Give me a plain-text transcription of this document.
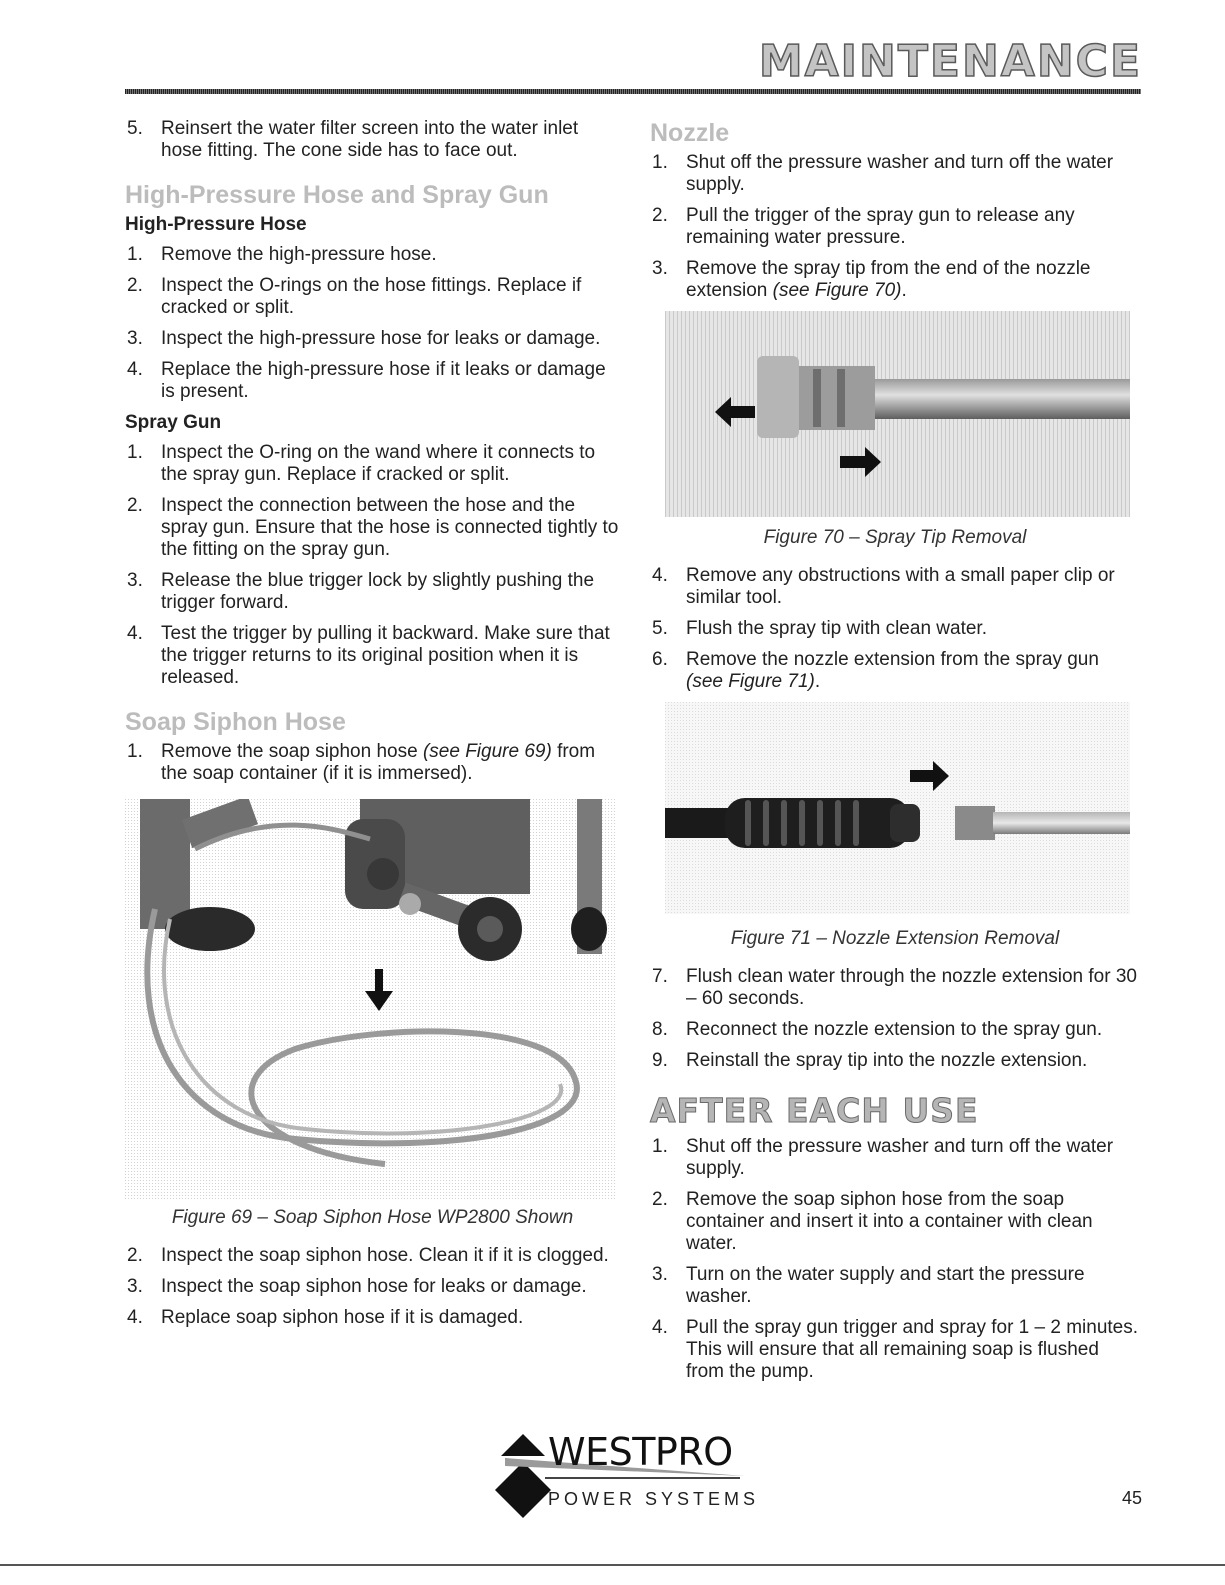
MAINTENANCE
5. Reinsert the water filter screen into the water inlet hose fitting. The cone side has to face out.
High-Pressure Hose and Spray Gun
High-Pressure Hose
1. Remove the high-pressure hose.
2. Inspect the O-rings on the hose fittings. Replace if cracked or split.
3. Inspect the high-pressure hose for leaks or damage.
4. Replace the high-pressure hose if it leaks or damage is present.
Spray Gun
1. Inspect the O-ring on the wand where it connects to the spray gun. Replace if cracked or split.
2. Inspect the connection between the hose and the spray gun. Ensure that the hose is connected tightly to the fitting on the spray gun.
3. Release the blue trigger lock by slightly pushing the trigger forward.
4. Test the trigger by pulling it backward. Make sure that the trigger returns to its original position when it is released.
Soap Siphon Hose
1. Remove the soap siphon hose (see Figure 69) from the soap container (if it is immersed).

Figure 69 – Soap Siphon Hose WP2800 Shown

2. Inspect the soap siphon hose. Clean it if it is clogged.
3. Inspect the soap siphon hose for leaks or damage.
4. Replace soap siphon hose if it is damaged.
Nozzle
1. Shut off the pressure washer and turn off the water supply.
2. Pull the trigger of the spray gun to release any remaining water pressure.
3. Remove the spray tip from the end of the nozzle extension (see Figure 70).

Figure 70 – Spray Tip Removal

4. Remove any obstructions with a small paper clip or similar tool.
5. Flush the spray tip with clean water.
6. Remove the nozzle extension from the spray gun (see Figure 71).

Figure 71 – Nozzle Extension Removal

7. Flush clean water through the nozzle extension for 30 – 60 seconds.
8. Reconnect the nozzle extension to the spray gun.
9. Reinstall the spray tip into the nozzle extension.
AFTER EACH USE
1. Shut off the pressure washer and turn off the water supply.
2. Remove the soap siphon hose from the soap container and insert it into a container with clean water.
3. Turn on the water supply and start the pressure washer.
4. Pull the spray gun trigger and spray for 1 – 2 minutes. This will ensure that all remaining soap is flushed from the pump.
WESTPRO
POWER SYSTEMS	45
